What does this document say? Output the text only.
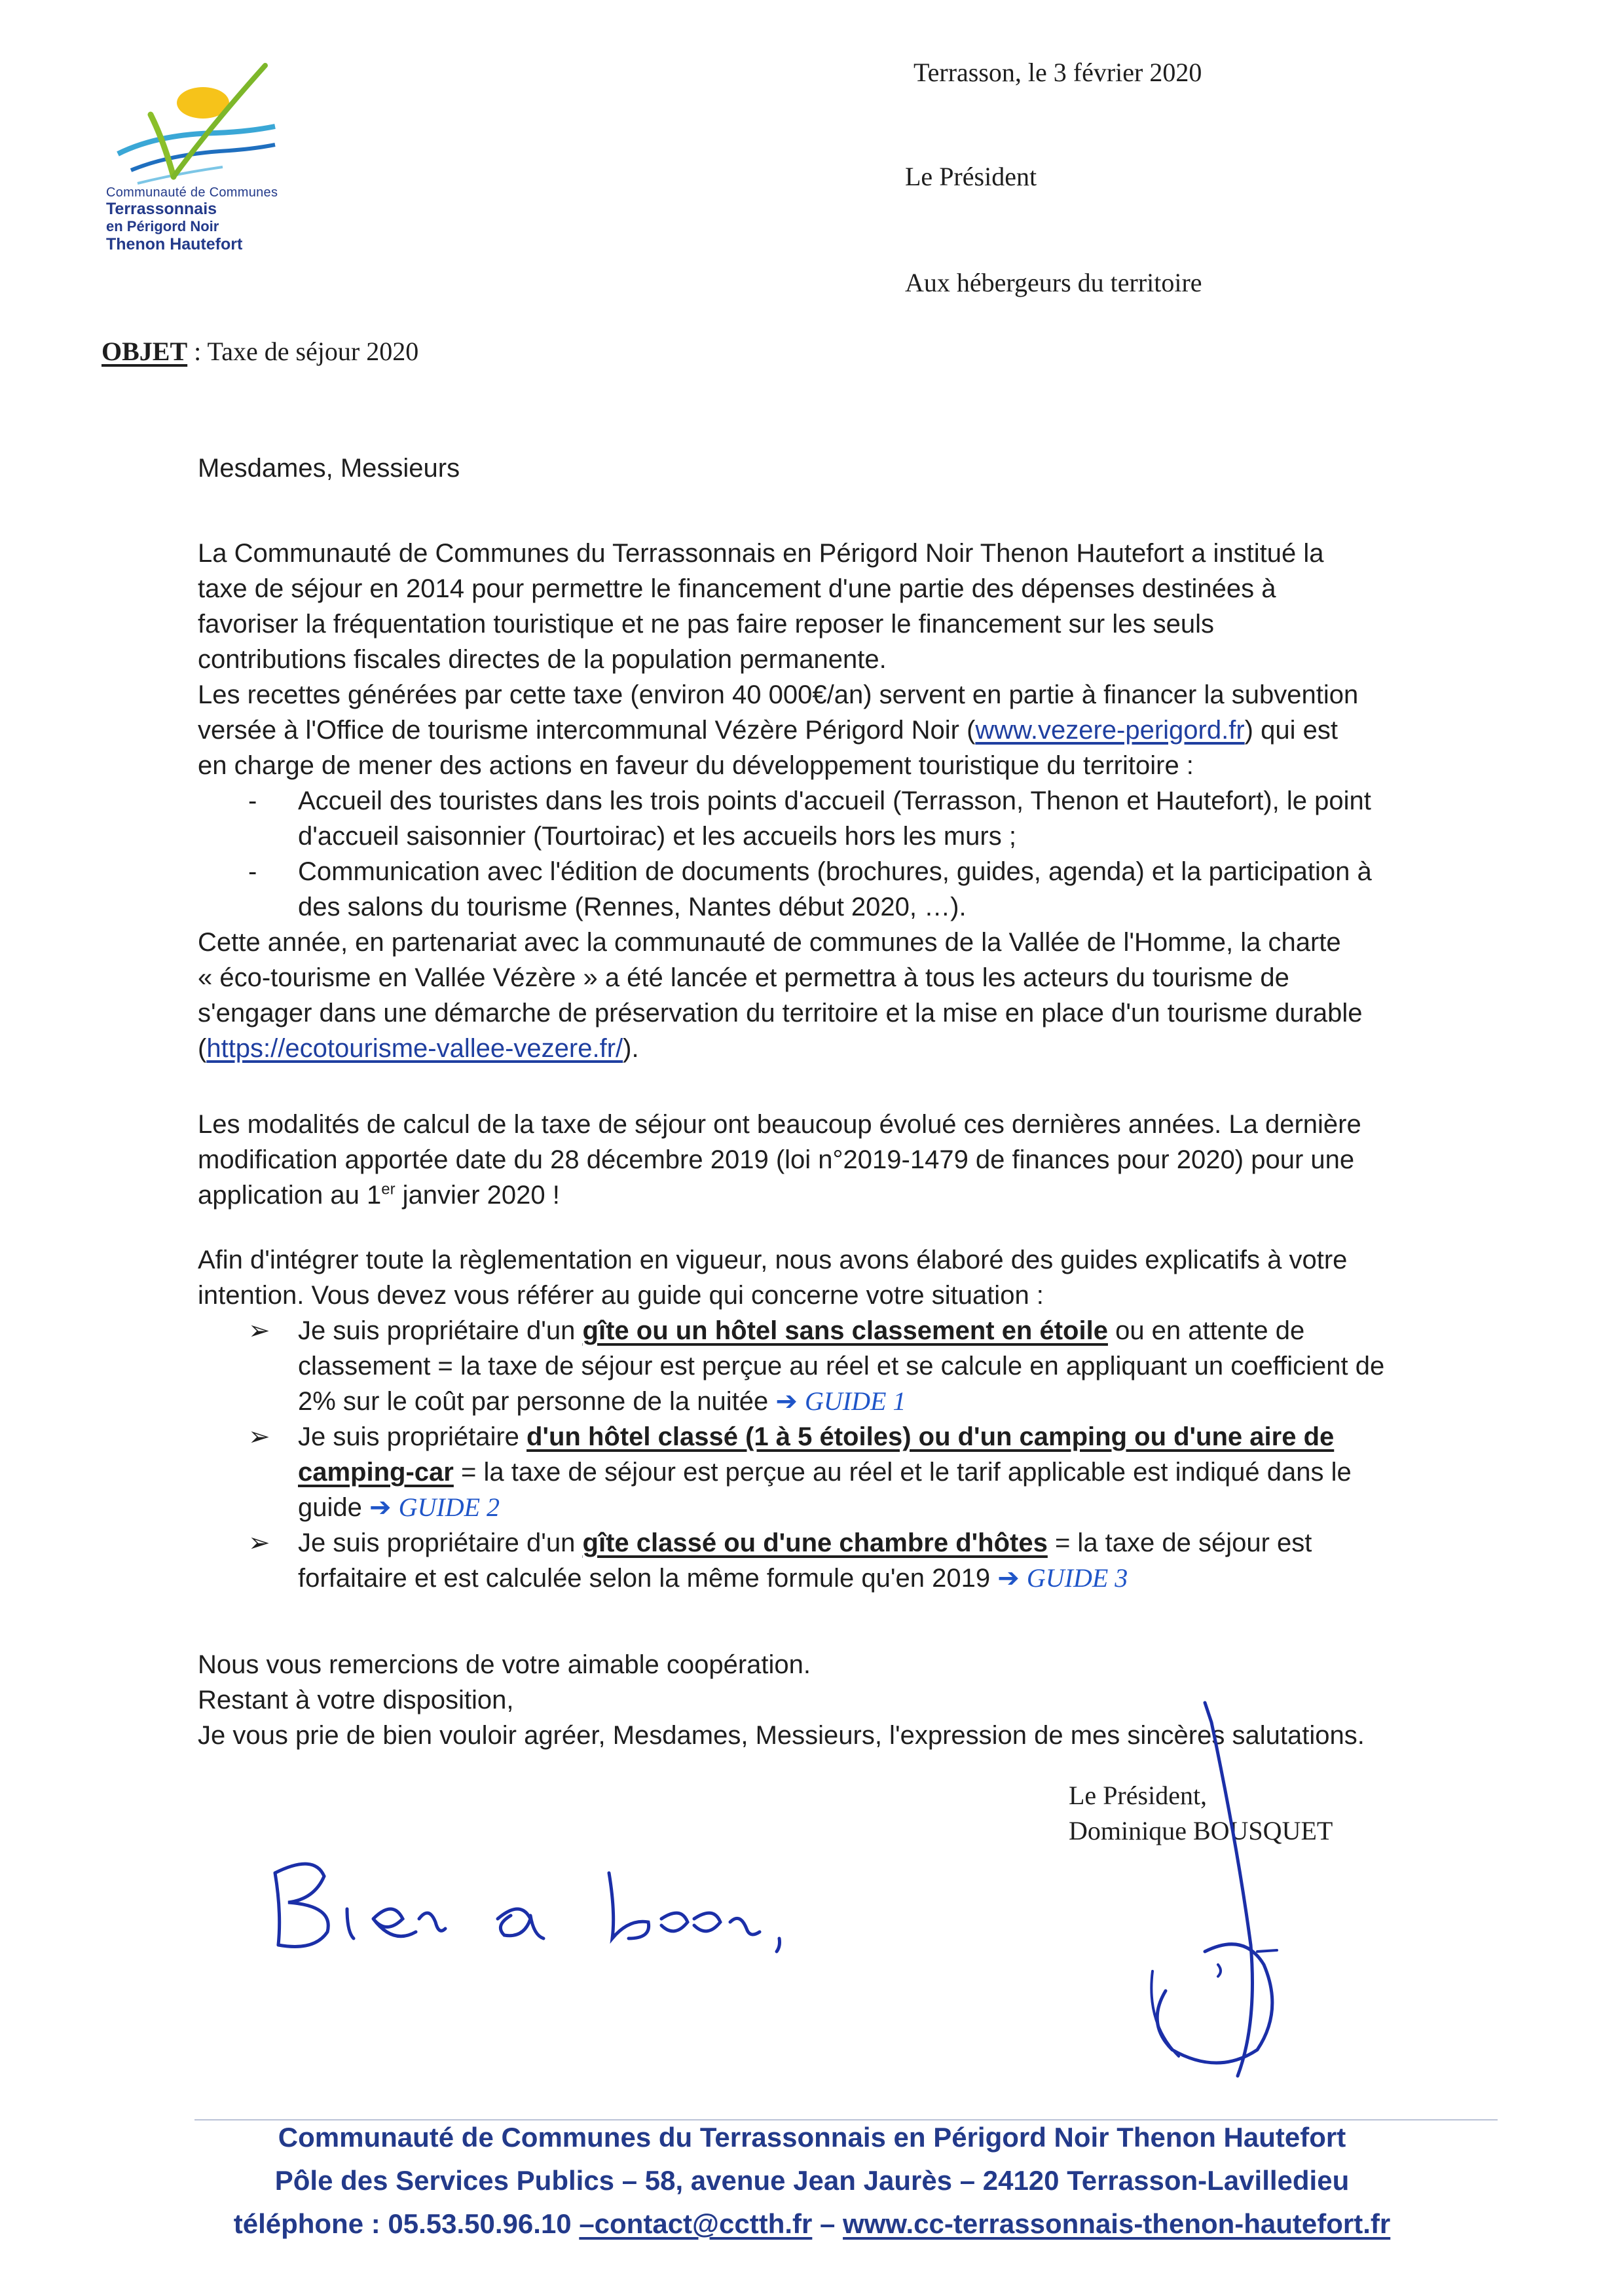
Communauté de Communes
Terrassonnais
en Périgord Noir
Thenon Hautefort
Terrasson, le 3 février 2020
Le Président
Aux hébergeurs du territoire
OBJET : Taxe de séjour 2020
Mesdames, Messieurs
La Communauté de Communes du Terrassonnais en Périgord Noir Thenon Hautefort a institué la
taxe de séjour en 2014 pour permettre le financement d'une partie des dépenses destinées à
favoriser la fréquentation touristique et ne pas faire reposer le financement sur les seuls
contributions fiscales directes de la population permanente.
Les recettes générées par cette taxe (environ 40 000€/an) servent en partie à financer la subvention
versée à l'Office de tourisme intercommunal Vézère Périgord Noir (www.vezere-perigord.fr) qui est
en charge de mener des actions en faveur du développement touristique du territoire :
- Accueil des touristes dans les trois points d'accueil (Terrasson, Thenon et Hautefort), le point
d'accueil saisonnier (Tourtoirac) et les accueils hors les murs ;
- Communication avec l'édition de documents (brochures, guides, agenda) et la participation à
des salons du tourisme (Rennes, Nantes début 2020, …).
Cette année, en partenariat avec la communauté de communes de la Vallée de l'Homme, la charte
« éco-tourisme en Vallée Vézère » a été lancée et permettra à tous les acteurs du tourisme de
s'engager dans une démarche de préservation du territoire et la mise en place d'un tourisme durable
(https://ecotourisme-vallee-vezere.fr/).
Les modalités de calcul de la taxe de séjour ont beaucoup évolué ces dernières années. La dernière
modification apportée date du 28 décembre 2019 (loi n°2019-1479 de finances pour 2020) pour une
application au 1er janvier 2020 !
Afin d'intégrer toute la règlementation en vigueur, nous avons élaboré des guides explicatifs à votre
intention. Vous devez vous référer au guide qui concerne votre situation :
➢ Je suis propriétaire d'un gîte ou un hôtel sans classement en étoile ou en attente de
classement = la taxe de séjour est perçue au réel et se calcule en appliquant un coefficient de
2% sur le coût par personne de la nuitée ➔ GUIDE 1
➢ Je suis propriétaire d'un hôtel classé (1 à 5 étoiles) ou d'un camping ou d'une aire de
camping-car = la taxe de séjour est perçue au réel et le tarif applicable est indiqué dans le
guide ➔ GUIDE 2
➢ Je suis propriétaire d'un gîte classé ou d'une chambre d'hôtes = la taxe de séjour est
forfaitaire et est calculée selon la même formule qu'en 2019 ➔ GUIDE 3
Nous vous remercions de votre aimable coopération.
Restant à votre disposition,
Je vous prie de bien vouloir agréer, Mesdames, Messieurs, l'expression de mes sincères salutations.
Le Président,
Dominique BOUSQUET
Communauté de Communes du Terrassonnais en Périgord Noir Thenon Hautefort
Pôle des Services Publics – 58, avenue Jean Jaurès – 24120 Terrasson-Lavilledieu
téléphone : 05.53.50.96.10 –contact@cctth.fr – www.cc-terrassonnais-thenon-hautefort.fr
